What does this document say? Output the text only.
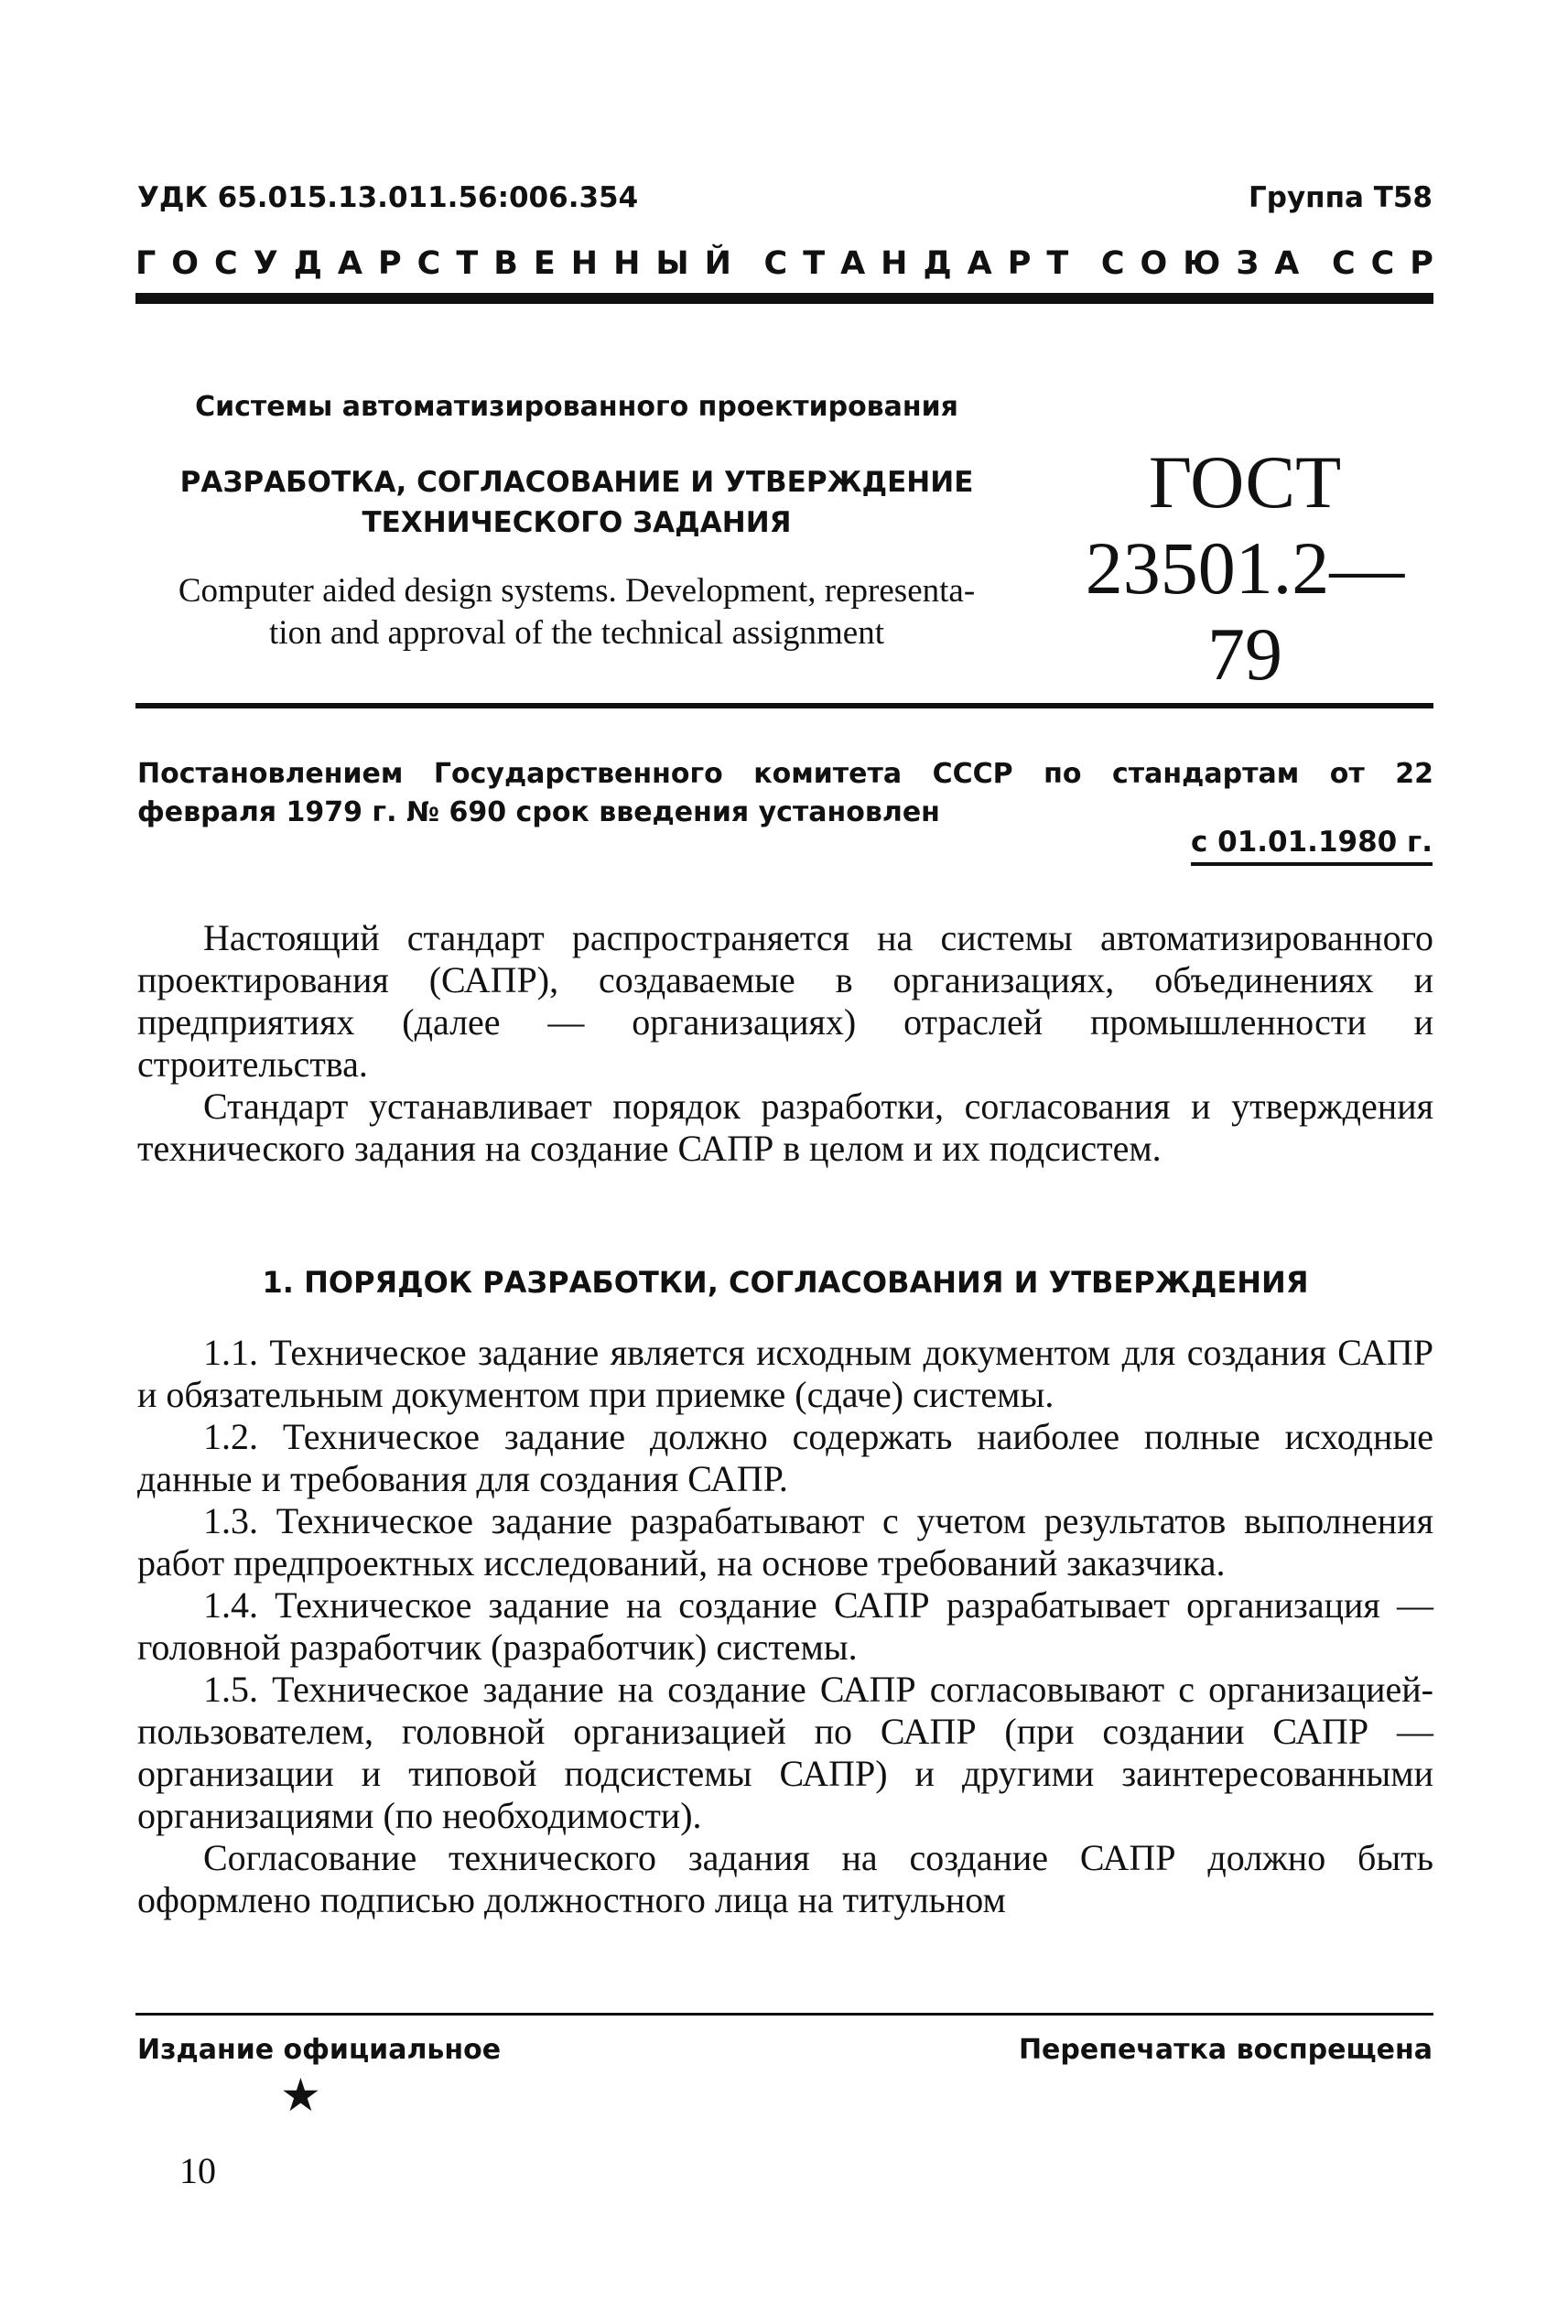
УДК 65.015.13.011.56:006.354	Группа Т58
ГОСУДАРСТВЕННЫЙ СТАНДАРТ СОЮЗА ССР
Системы автоматизированного проектирования
РАЗРАБОТКА, СОГЛАСОВАНИЕ И УТВЕРЖДЕНИЕ
ТЕХНИЧЕСКОГО ЗАДАНИЯ
Computer aided design systems. Development, representa-
tion and approval of the technical assignment
ГОСТ
23501.2—79
Постановлением Государственного комитета СССР по стандартам от 22 февраля 1979 г. № 690 срок введения установлен
с 01.01.1980 г.

Настоящий стандарт распространяется на системы автоматизированного проектирования (САПР), создаваемые в организациях, объединениях и предприятиях (далее — организациях) отраслей промышленности и строительства.

Стандарт устанавливает порядок разработки, согласования и утверждения технического задания на создание САПР в целом и их подсистем.

1. ПОРЯДОК РАЗРАБОТКИ, СОГЛАСОВАНИЯ И УТВЕРЖДЕНИЯ

1.1. Техническое задание является исходным документом для создания САПР и обязательным документом при приемке (сдаче) системы.

1.2. Техническое задание должно содержать наиболее полные исходные данные и требования для создания САПР.

1.3. Техническое задание разрабатывают с учетом результатов выполнения работ предпроектных исследований, на основе требований заказчика.

1.4. Техническое задание на создание САПР разрабатывает организация — головной разработчик (разработчик) системы.

1.5. Техническое задание на создание САПР согласовывают с организацией-пользователем, головной организацией по САПР (при создании САПР — организации и типовой подсистемы САПР) и другими заинтересованными организациями (по необходимости).

Согласование технического задания на создание САПР должно быть оформлено подписью должностного лица на титульном

Издание официальное	Перепечатка воспрещена
★
10
